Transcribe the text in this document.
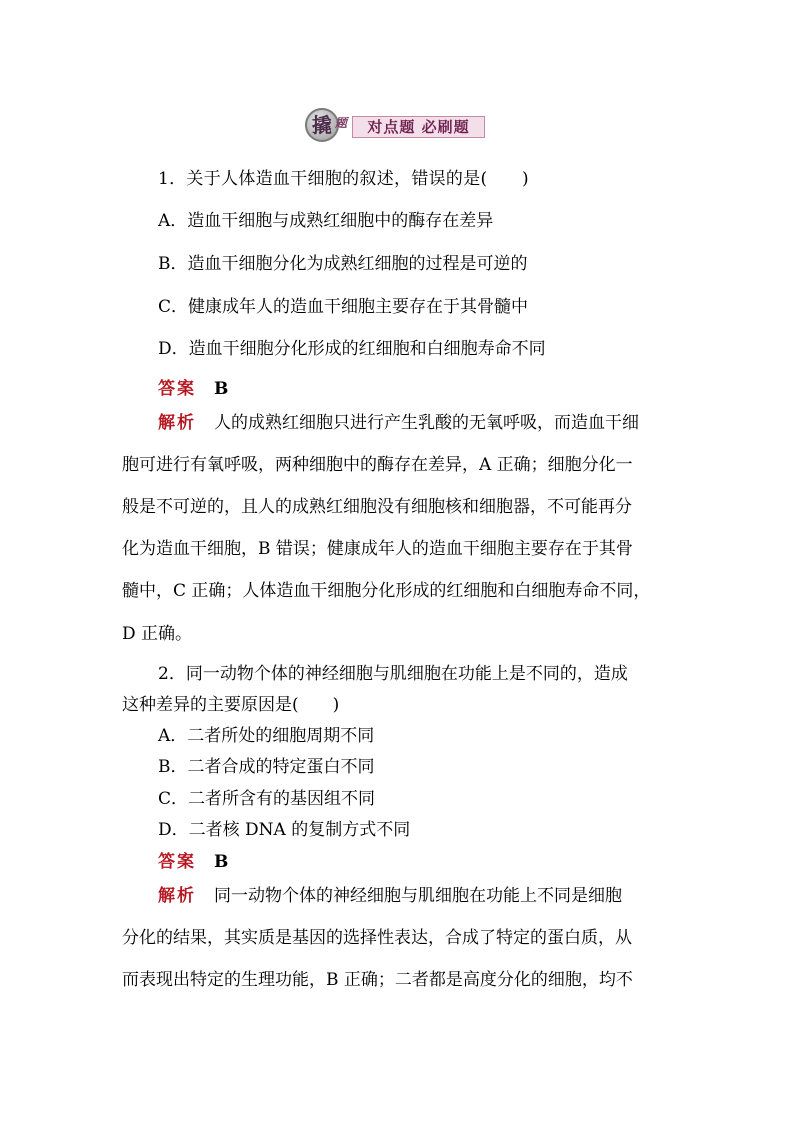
撬 题	对点题 必刷题
1．关于人体造血干细胞的叙述，错误的是(　　)
A．造血干细胞与成熟红细胞中的酶存在差异
B．造血干细胞分化为成熟红细胞的过程是可逆的
C．健康成年人的造血干细胞主要存在于其骨髓中
D．造血干细胞分化形成的红细胞和白细胞寿命不同
答案 B
解析 人的成熟红细胞只进行产生乳酸的无氧呼吸，而造血干细
胞可进行有氧呼吸，两种细胞中的酶存在差异，A 正确；细胞分化一
般是不可逆的，且人的成熟红细胞没有细胞核和细胞器，不可能再分
化为造血干细胞，B 错误；健康成年人的造血干细胞主要存在于其骨
髓中，C 正确；人体造血干细胞分化形成的红细胞和白细胞寿命不同，
D 正确。
2．同一动物个体的神经细胞与肌细胞在功能上是不同的，造成
这种差异的主要原因是(　　)
A．二者所处的细胞周期不同
B．二者合成的特定蛋白不同
C．二者所含有的基因组不同
D．二者核 DNA 的复制方式不同
答案 B
解析 同一动物个体的神经细胞与肌细胞在功能上不同是细胞
分化的结果，其实质是基因的选择性表达，合成了特定的蛋白质，从
而表现出特定的生理功能，B 正确；二者都是高度分化的细胞，均不
